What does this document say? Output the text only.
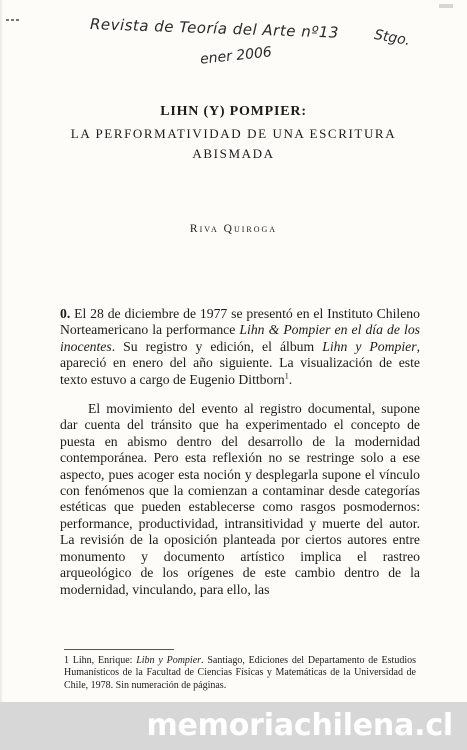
Revista de Teoría del Arte nº13 Stgo.
ener 2006
LIHN (Y) POMPIER:
LA PERFORMATIVIDAD DE UNA ESCRITURA
ABISMADA
Riva Quiroga

0. El 28 de diciembre de 1977 se presentó en el Instituto Chileno Norteamericano la performance Lihn & Pompier en el día de los inocentes. Su registro y edición, el álbum Lihn y Pompier, apareció en enero del año siguiente. La visualización de este texto estuvo a cargo de Eugenio Dittborn$^1$.

El movimiento del evento al registro documental, supone dar cuenta del tránsito que ha experimentado el concepto de puesta en abismo dentro del desarrollo de la modernidad contemporánea. Pero esta reflexión no se restringe solo a ese aspecto, pues acoger esta noción y desplegarla supone el vínculo con fenómenos que la comienzan a contaminar desde categorías estéticas que pueden establecerse como rasgos posmodernos: performance, productividad, intransitividad y muerte del autor. La revisión de la oposición planteada por ciertos autores entre monumento y documento artístico implica el rastreo arqueológico de los orígenes de este cambio dentro de la modernidad, vinculando, para ello, las

1 Lihn, Enrique: Libn y Pompier. Santiago, Ediciones del Departamento de Estudios Humanísticos de la Facultad de Ciencias Físicas y Matemáticas de la Universidad de Chile, 1978. Sin numeración de páginas.
memoriachilena.cl
